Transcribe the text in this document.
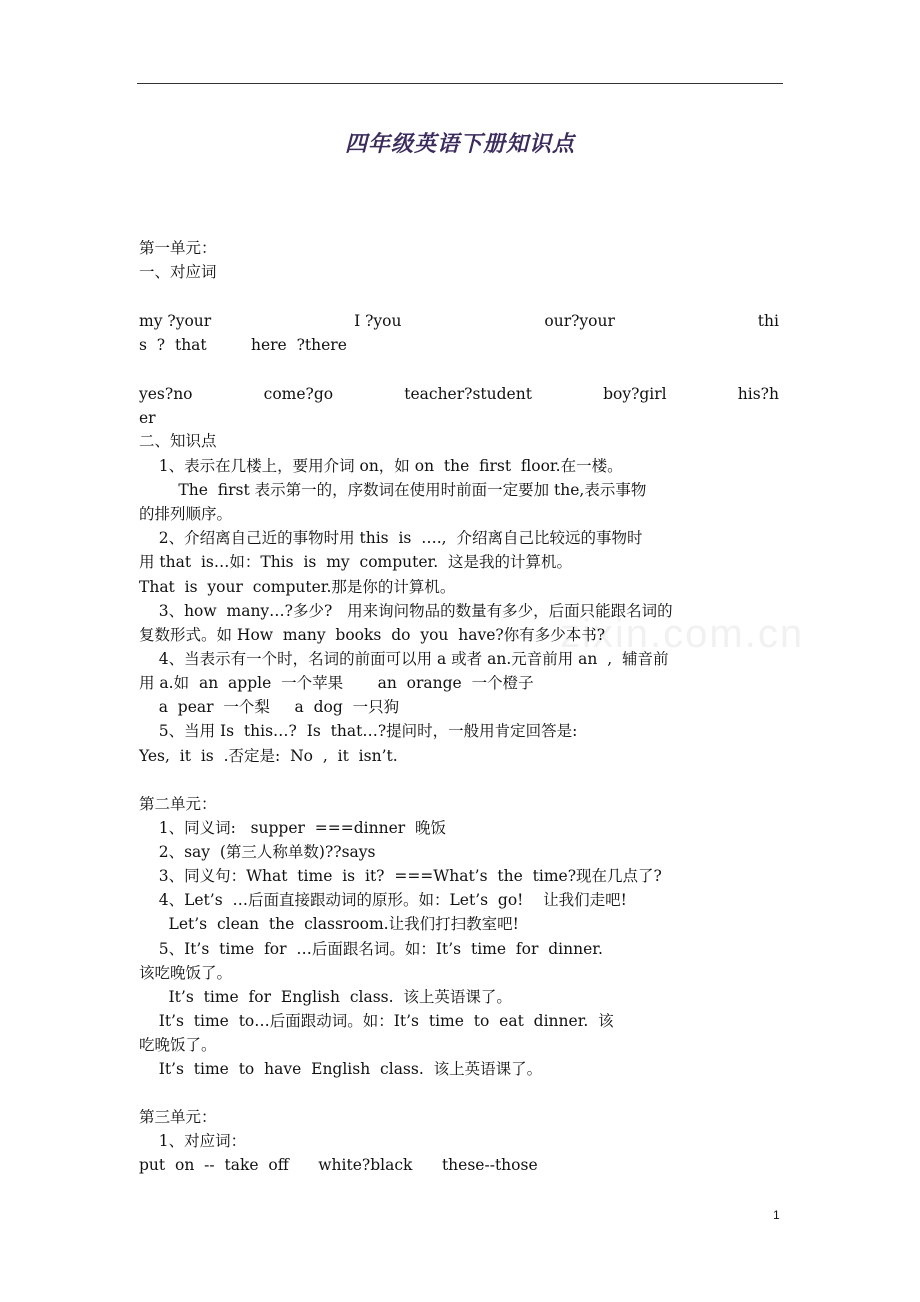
四年级英语下册知识点
zixin.com.cn
第一单元：
一、对应词
my ?your	I ?you	our?your	thi
s  ?  that         here  ?there
yes?no	come?go	teacher?student	boy?girl	his?h
er
二、知识点
1、表示在几楼上，要用介词 on，如 on  the  first  floor.在一楼。
The  first 表示第一的，序数词在使用时前面一定要加 the,表示事物
的排列顺序。
2、介绍离自己近的事物时用 this  is  ….,  介绍离自己比较远的事物时
用 that  is…如：This  is  my  computer.  这是我的计算机。
That  is  your  computer.那是你的计算机。
3、how  many…?多少?   用来询问物品的数量有多少，后面只能跟名词的
复数形式。如 How  many  books  do  you  have?你有多少本书?
4、当表示有一个时，名词的前面可以用 a 或者 an.元音前用 an  ,  辅音前
用 a.如  an  apple  一个苹果       an  orange  一个橙子
a  pear  一个梨     a  dog  一只狗
5、当用 Is  this…?  Is  that…?提问时，一般用肯定回答是:
Yes,  it  is  .否定是:  No  ,  it  isn’t.
第二单元：
1、同义词:   supper  ===dinner  晚饭
2、say  (第三人称单数)??says
3、同义句：What  time  is  it?  ===What’s  the  time?现在几点了?
4、Let’s  …后面直接跟动词的原形。如：Let’s  go!    让我们走吧!
Let’s  clean  the  classroom.让我们打扫教室吧!
5、It’s  time  for  …后面跟名词。如：It’s  time  for  dinner.
该吃晚饭了。
It’s  time  for  English  class.  该上英语课了。
It’s  time  to…后面跟动词。如：It’s  time  to  eat  dinner.  该
吃晚饭了。
It’s  time  to  have  English  class.  该上英语课了。
第三单元：
1、对应词：
put  on  --  take  off      white?black      these--those
1
